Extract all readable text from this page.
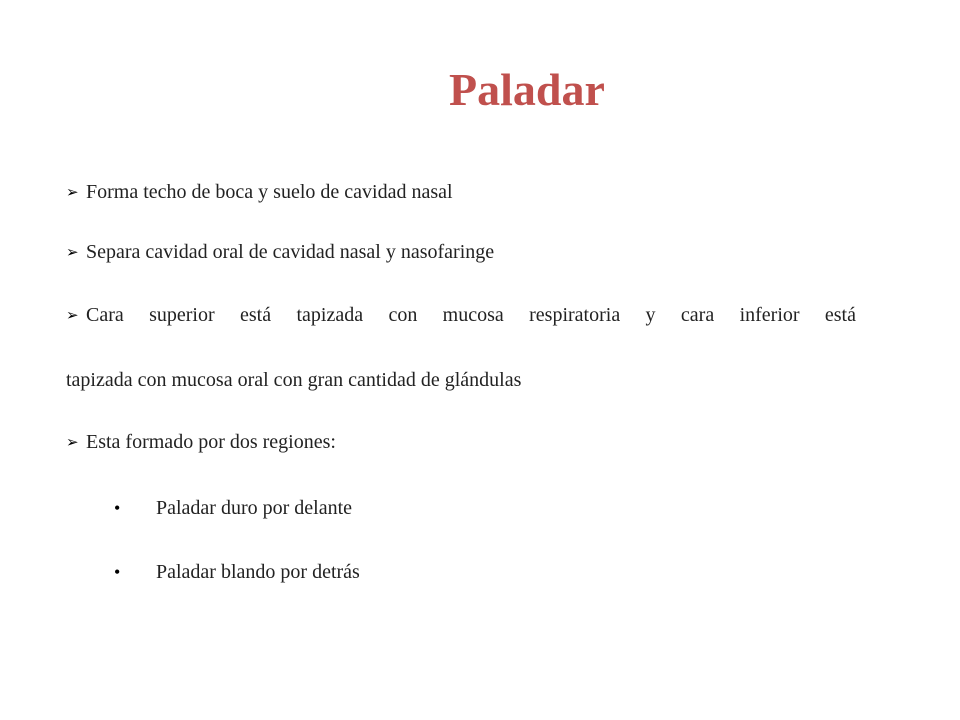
Paladar
➢ Forma techo de boca y suelo de cavidad nasal
➢ Separa cavidad oral de cavidad nasal y nasofaringe
➢ Cara superior está tapizada con mucosa respiratoria y cara inferior está
tapizada con mucosa oral con gran cantidad de glándulas
➢ Esta formado por dos regiones:
• Paladar duro por delante
• Paladar blando por detrás
